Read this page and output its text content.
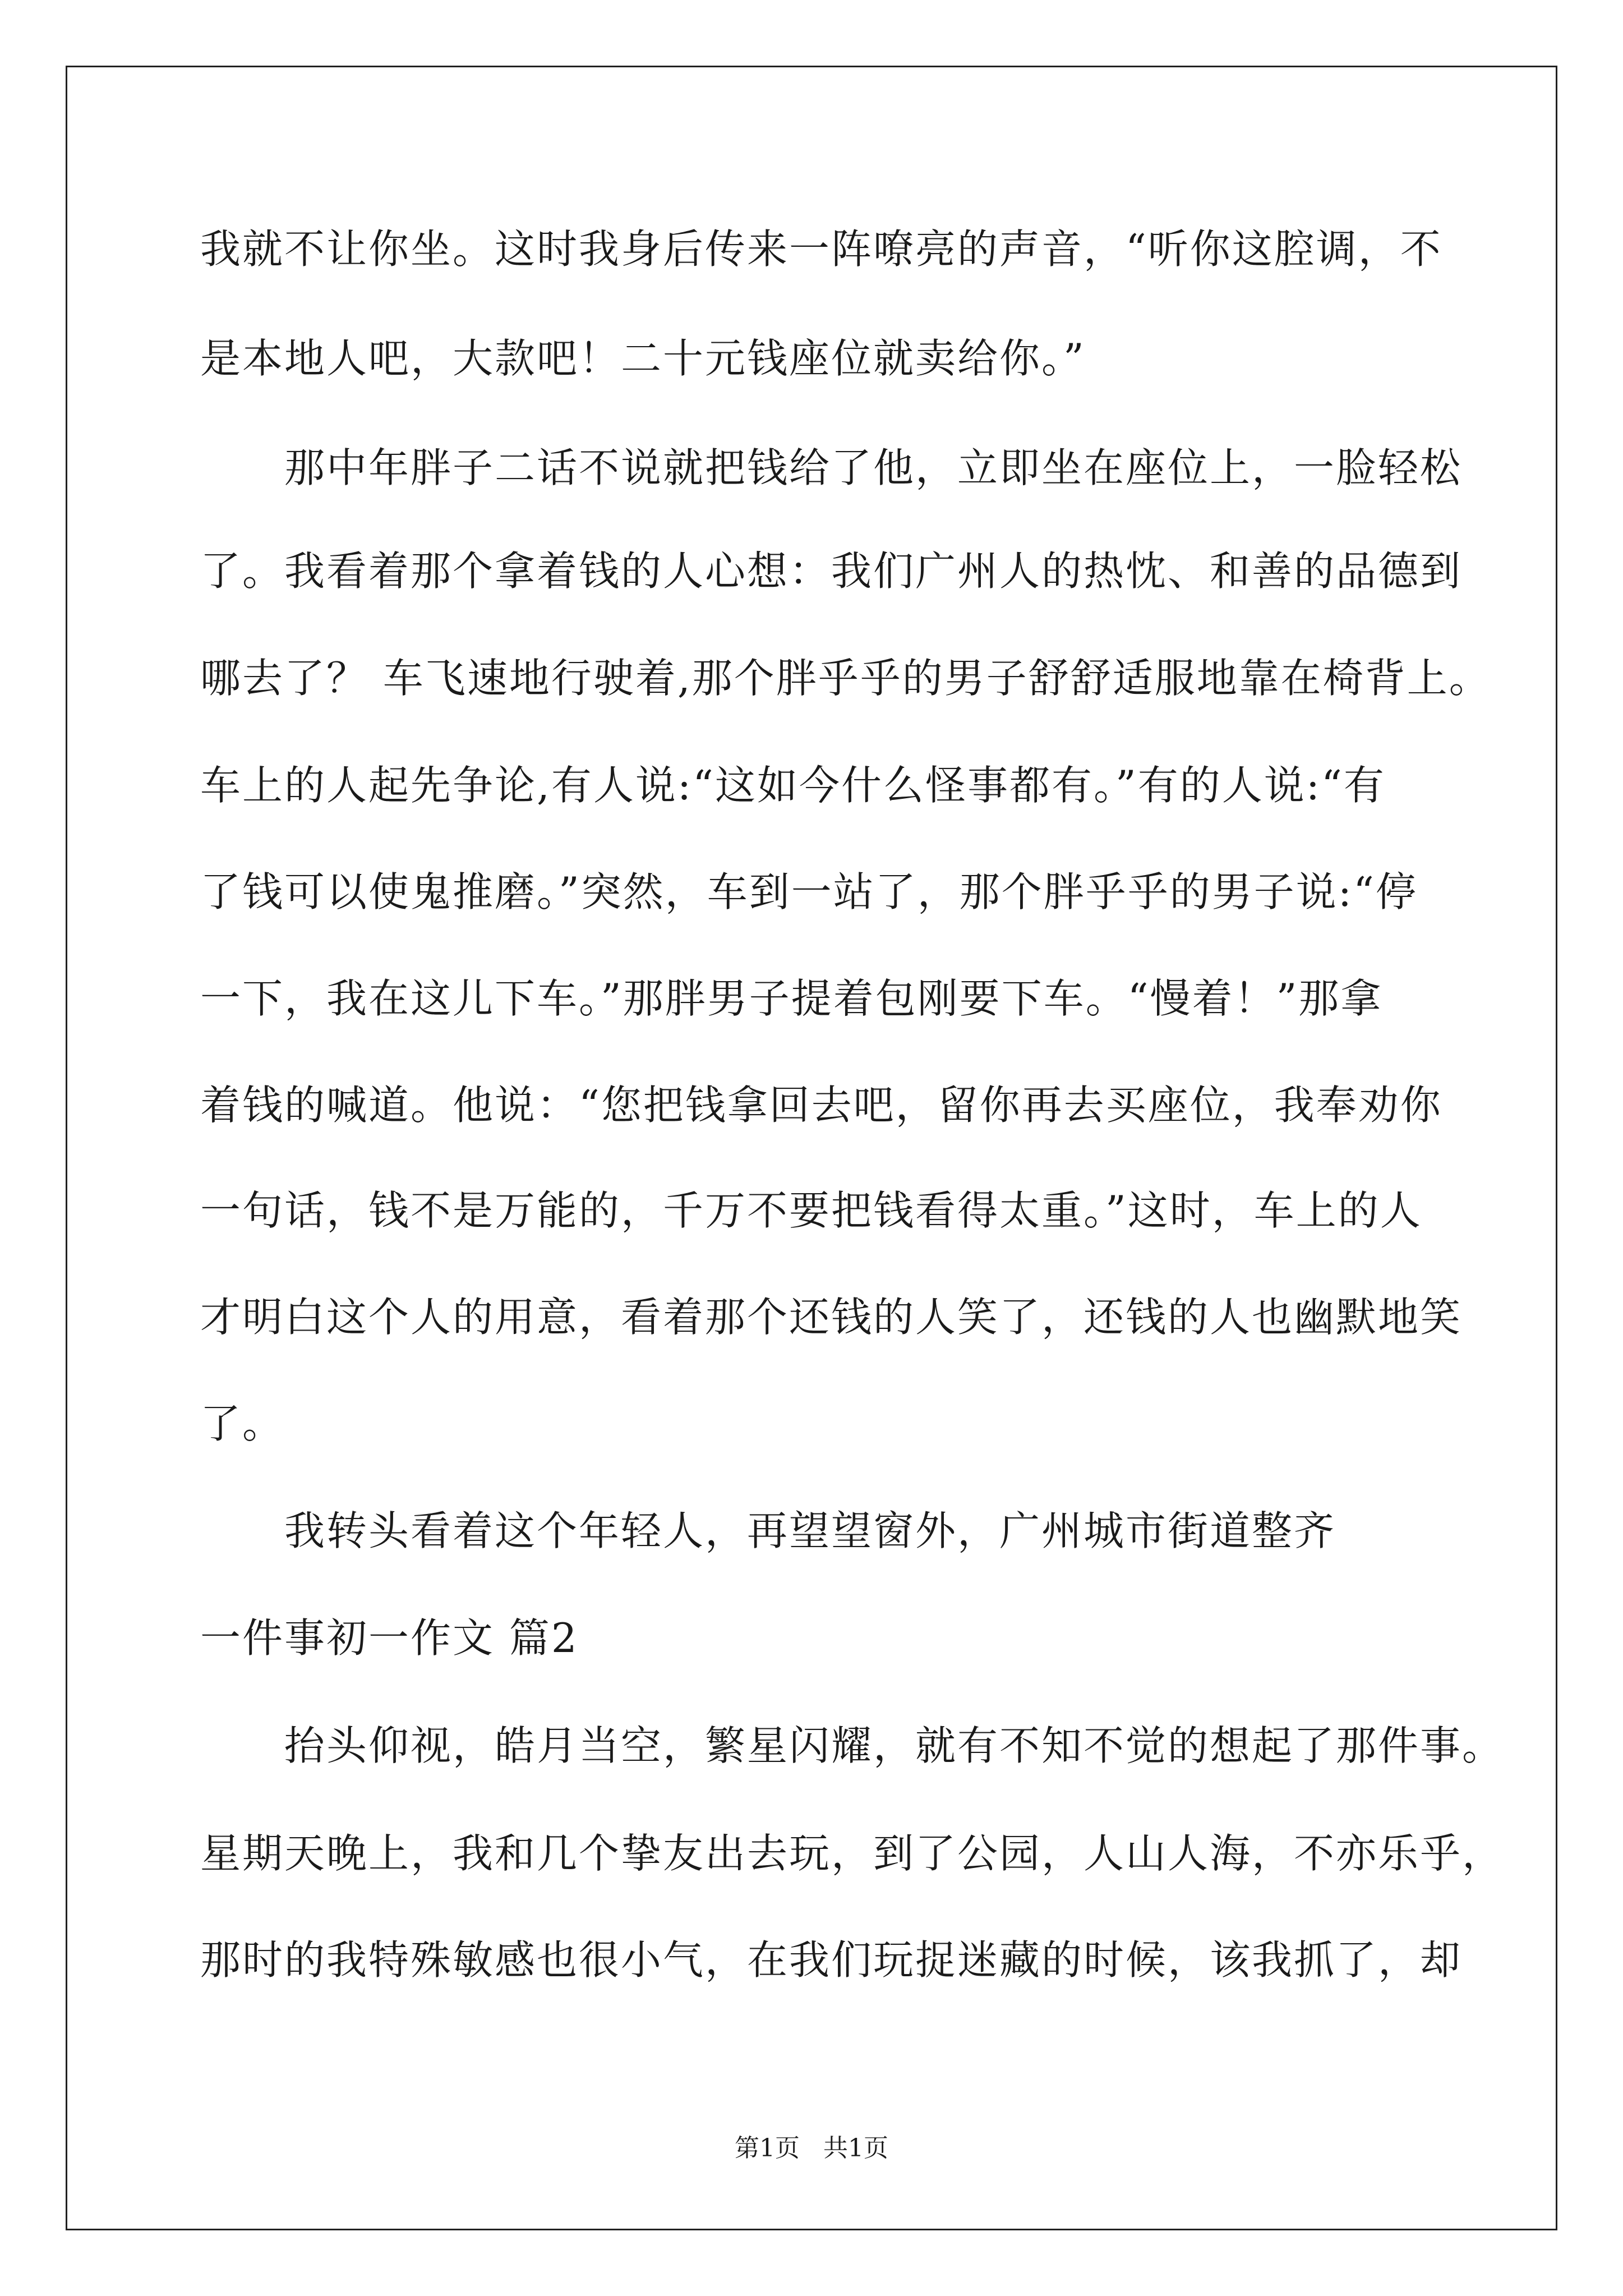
我就不让你坐。这时我身后传来一阵嘹亮的声音，“听你这腔调，不
是本地人吧，大款吧！二十元钱座位就卖给你。”
　　那中年胖子二话不说就把钱给了他，立即坐在座位上，一脸轻松
了。我看着那个拿着钱的人心想：我们广州人的热忱、和善的品德到
哪去了？ 车飞速地行驶着,那个胖乎乎的男子舒舒适服地靠在椅背上。
车上的人起先争论,有人说:“这如今什么怪事都有。”有的人说:“有
了钱可以使鬼推磨。”突然，车到一站了，那个胖乎乎的男子说:“停
一下，我在这儿下车。”那胖男子提着包刚要下车。“慢着！”那拿
着钱的喊道。他说：“您把钱拿回去吧，留你再去买座位，我奉劝你
一句话，钱不是万能的，千万不要把钱看得太重。”这时，车上的人
才明白这个人的用意，看着那个还钱的人笑了，还钱的人也幽默地笑
了。
　　我转头看着这个年轻人，再望望窗外，广州城市街道整齐
一件事初一作文 篇2
　　抬头仰视，皓月当空，繁星闪耀，就有不知不觉的想起了那件事。
星期天晚上，我和几个挚友出去玩，到了公园，人山人海，不亦乐乎，
那时的我特殊敏感也很小气，在我们玩捉迷藏的时候，该我抓了，却
第1页   共1页
